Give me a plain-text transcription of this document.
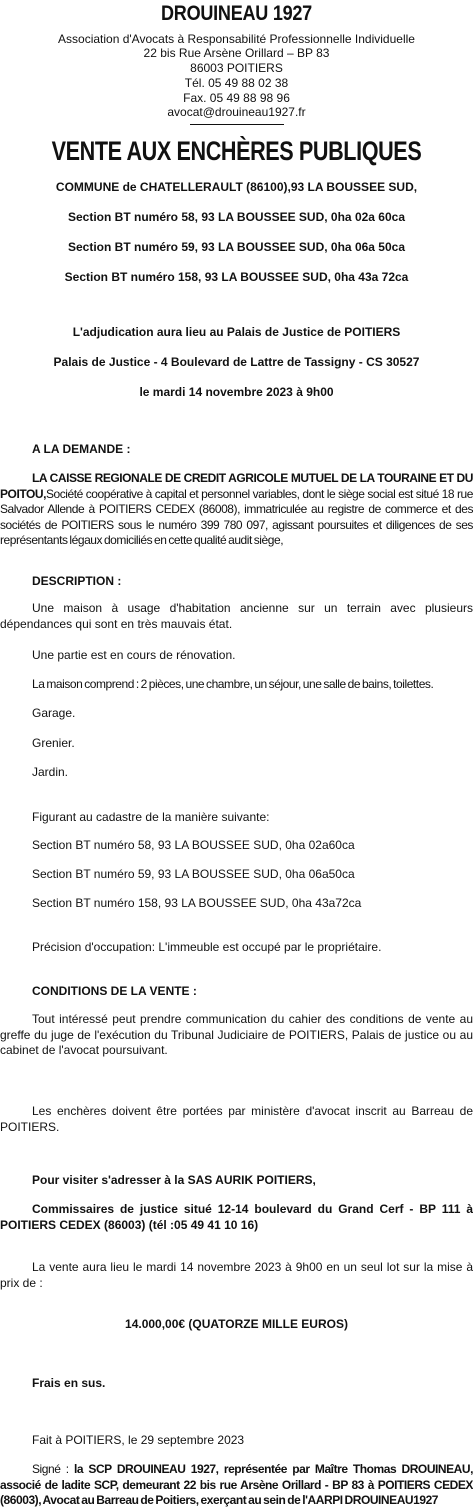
DROUINEAU 1927
Association d'Avocats à Responsabilité Professionnelle Individuelle
22 bis Rue Arsène Orillard – BP 83
86003 POITIERS
Tél. 05 49 88 02 38
Fax. 05 49 88 98 96
avocat@drouineau1927.fr
VENTE AUX ENCHÈRES PUBLIQUES
COMMUNE de CHATELLERAULT (86100),93 LA BOUSSEE SUD,
Section BT numéro 58, 93 LA BOUSSEE SUD, 0ha 02a 60ca
Section BT numéro 59, 93 LA BOUSSEE SUD, 0ha 06a 50ca
Section BT numéro 158, 93 LA BOUSSEE SUD, 0ha 43a 72ca
L'adjudication aura lieu au Palais de Justice de POITIERS
Palais de Justice - 4 Boulevard de Lattre de Tassigny - CS 30527
le mardi 14 novembre 2023 à 9h00
A LA DEMANDE :
LA CAISSE REGIONALE DE CREDIT AGRICOLE MUTUEL DE LA TOURAINE ET DU POITOU,Société coopérative à capital et personnel variables, dont le siège social est situé 18 rue Salvador Allende à POITIERS CEDEX (86008), immatriculée au registre de commerce et des sociétés de POITIERS sous le numéro 399 780 097, agissant poursuites et diligences de ses représentants légaux domiciliés en cette qualité audit siège,
DESCRIPTION :
Une maison à usage d'habitation ancienne sur un terrain avec plusieurs dépendances qui sont en très mauvais état.
Une partie est en cours de rénovation.
La maison comprend : 2 pièces, une chambre, un séjour, une salle de bains, toilettes.
Garage.
Grenier.
Jardin.
Figurant au cadastre de la manière suivante:
Section BT numéro 58, 93 LA BOUSSEE SUD, 0ha 02a60ca
Section BT numéro 59, 93 LA BOUSSEE SUD, 0ha 06a50ca
Section BT numéro 158, 93 LA BOUSSEE SUD, 0ha 43a72ca
Précision d'occupation: L'immeuble est occupé par le propriétaire.
CONDITIONS DE LA VENTE :
Tout intéressé peut prendre communication du cahier des conditions de vente au greffe du juge de l'exécution du Tribunal Judiciaire de POITIERS, Palais de justice ou au cabinet de l'avocat poursuivant.
Les enchères doivent être portées par ministère d'avocat inscrit au Barreau de POITIERS.
Pour visiter s'adresser à la SAS AURIK POITIERS,
Commissaires de justice situé 12-14 boulevard du Grand Cerf - BP 111 à POITIERS CEDEX (86003) (tél :05 49 41 10 16)
La vente aura lieu le mardi 14 novembre 2023 à 9h00 en un seul lot sur la mise à prix de :
14.000,00€ (QUATORZE MILLE EUROS)
Frais en sus.
Fait à POITIERS, le 29 septembre 2023
Signé : la SCP DROUINEAU 1927, représentée par Maître Thomas DROUINEAU, associé de ladite SCP, demeurant 22 bis rue Arsène Orillard - BP 83 à POITIERS CEDEX (86003), Avocat au Barreau de Poitiers, exerçant au sein de l'AARPI DROUINEAU1927
